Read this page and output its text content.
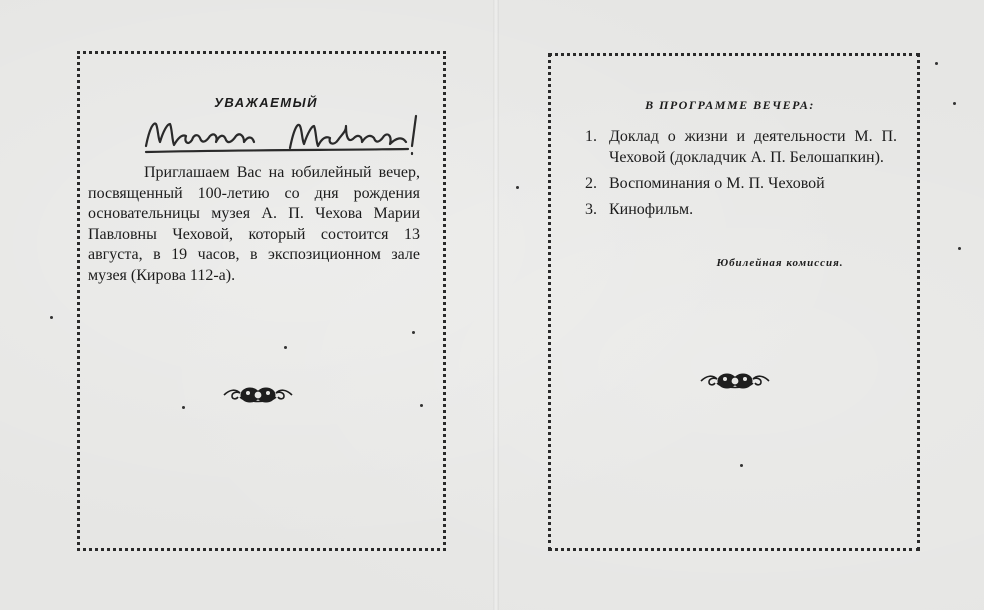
УВАЖАЕМЫЙ
Приглашаем Вас на юбилейный вечер, посвященный 100-летию со дня рождения основательницы музея А. П. Чехова Марии Павловны Чеховой, который состоится 13 августа, в 19 часов, в экспозиционном зале музея (Кирова 112-а).
В ПРОГРАММЕ ВЕЧЕРА:
1. Доклад о жизни и деятельности М. П. Чеховой (докладчик А. П. Белошапкин).
2. Воспоминания о М. П. Чеховой
3. Кинофильм.
Юбилейная комиссия.
